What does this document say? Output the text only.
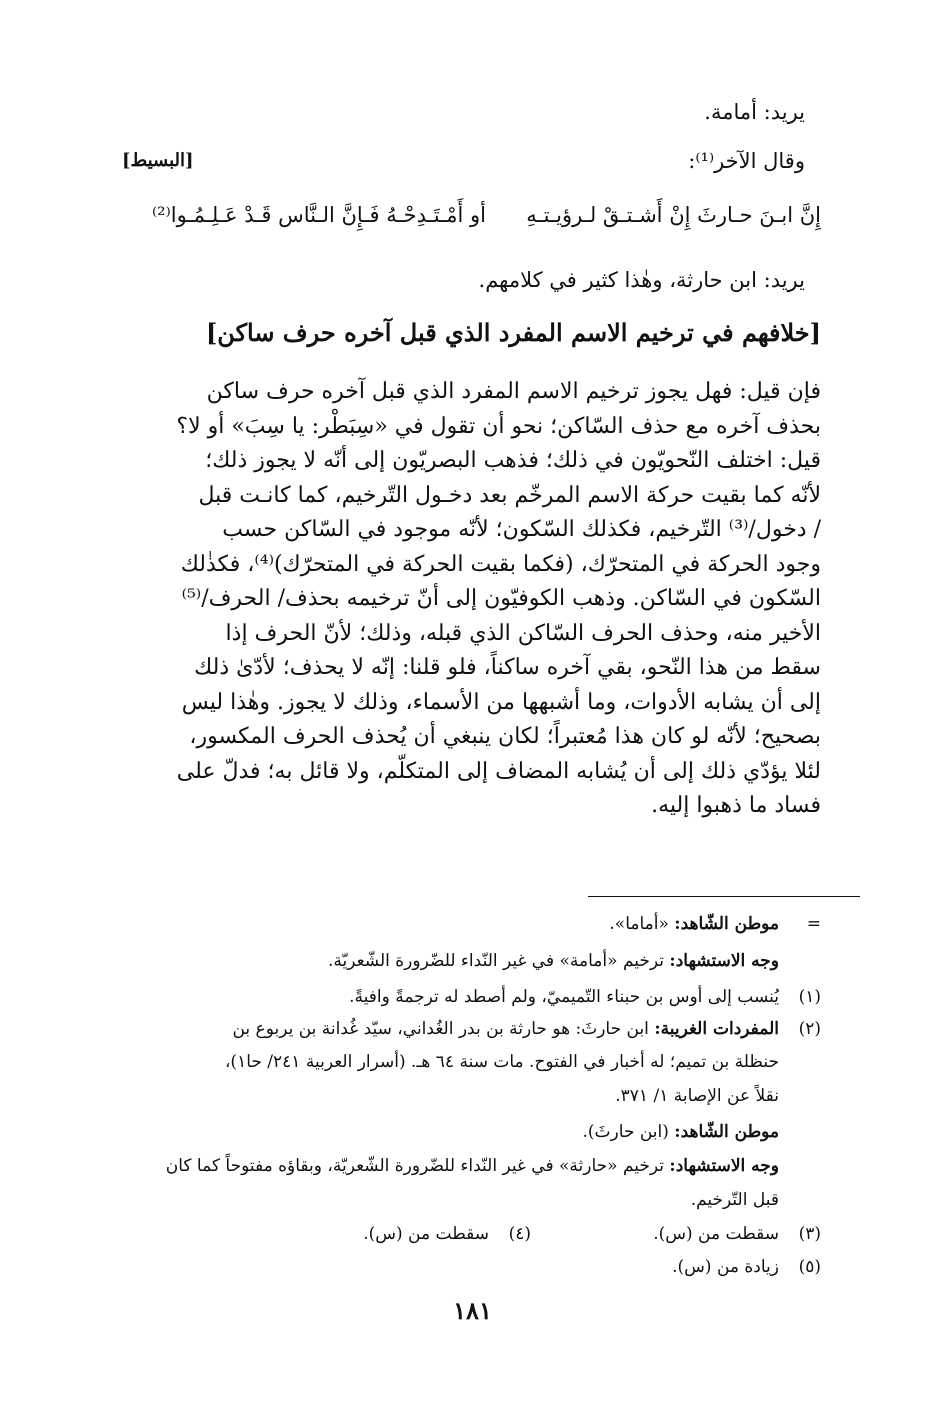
يريد: أمامة.
وقال الآخر⁽¹⁾:
[البسيط]
إِنَّ ابـنَ حـارثَ إِنْ أَشـتـقْ لـرؤيـتـهِ
أو أَمْـتَـدِحْـهُ فَـإِنَّ الـنَّاس قَـدْ عَـلِـمُـوا⁽²⁾
يريد: ابن حارثة، وهٰذا كثير في كلامهم.
[خلافهم في ترخيم الاسم المفرد الذي قبل آخره حرف ساكن]
فإن قيل: فهل يجوز ترخيم الاسم المفرد الذي قبل آخره حرف ساكن
بحذف آخره مع حذف السّاكن؛ نحو أن تقول في «سِبَطْر: يا سِبَ» أو لا؟
قيل: اختلف النّحويّون في ذلك؛ فذهب البصريّون إلى أنّه لا يجوز ذلك؛
لأنّه كما بقيت حركة الاسم المرخّم بعد دخـول التّرخيم، كما كانـت قبل
/ دخول/⁽³⁾ التّرخيم، فكذلك السّكون؛ لأنّه موجود في السّاكن حسب
وجود الحركة في المتحرّك، (فكما بقيت الحركة في المتحرّك)⁽⁴⁾، فكذٰلك
السّكون في السّاكن. وذهب الكوفيّون إلى أنّ ترخيمه بحذف/ الحرف/⁽⁵⁾
الأخير منه، وحذف الحرف السّاكن الذي قبله، وذلك؛ لأنّ الحرف إذا
سقط من هذا النّحو، بقي آخره ساكناً، فلو قلنا: إنّه لا يحذف؛ لأدّىٰ ذلك
إلى أن يشابه الأدوات، وما أشبهها من الأسماء، وذلك لا يجوز. وهٰذا ليس
بصحيح؛ لأنّه لو كان هذا مُعتبراً؛ لكان ينبغي أن يُحذف الحرف المكسور،
لئلا يؤدّي ذلك إلى أن يُشابه المضاف إلى المتكلّم، ولا قائل به؛ فدلّ على
فساد ما ذهبوا إليه.
=موطن الشّاهد: «أماما».
وجه الاستشهاد: ترخيم «أمامة» في غير النّداء للضّرورة الشّعريّة.
(١)يُنسب إلى أوس بن حبناء التّميميّ، ولم أصطد له ترجمةً وافيةً.
(٢)المفردات الغريبة: ابن حارثَ: هو حارثة بن بدر الغُداني، سيّد غُدانة بن يربوع بن
حنظلة بن تميم؛ له أخبار في الفتوح. مات سنة ٦٤ هـ. (أسرار العربية ٢٤١/ حا١)،
نقلاً عن الإصابة ١/ ٣٧١.
موطن الشّاهد: (ابن حارثَ).
وجه الاستشهاد: ترخيم «حارثة» في غير النّداء للضّرورة الشّعريّة، وبقاؤه مفتوحاً كما كان
قبل التّرخيم.
(٣)سقطت من (س).
(٤)سقطت من (س).
(٥)زيادة من (س).
١٨١
